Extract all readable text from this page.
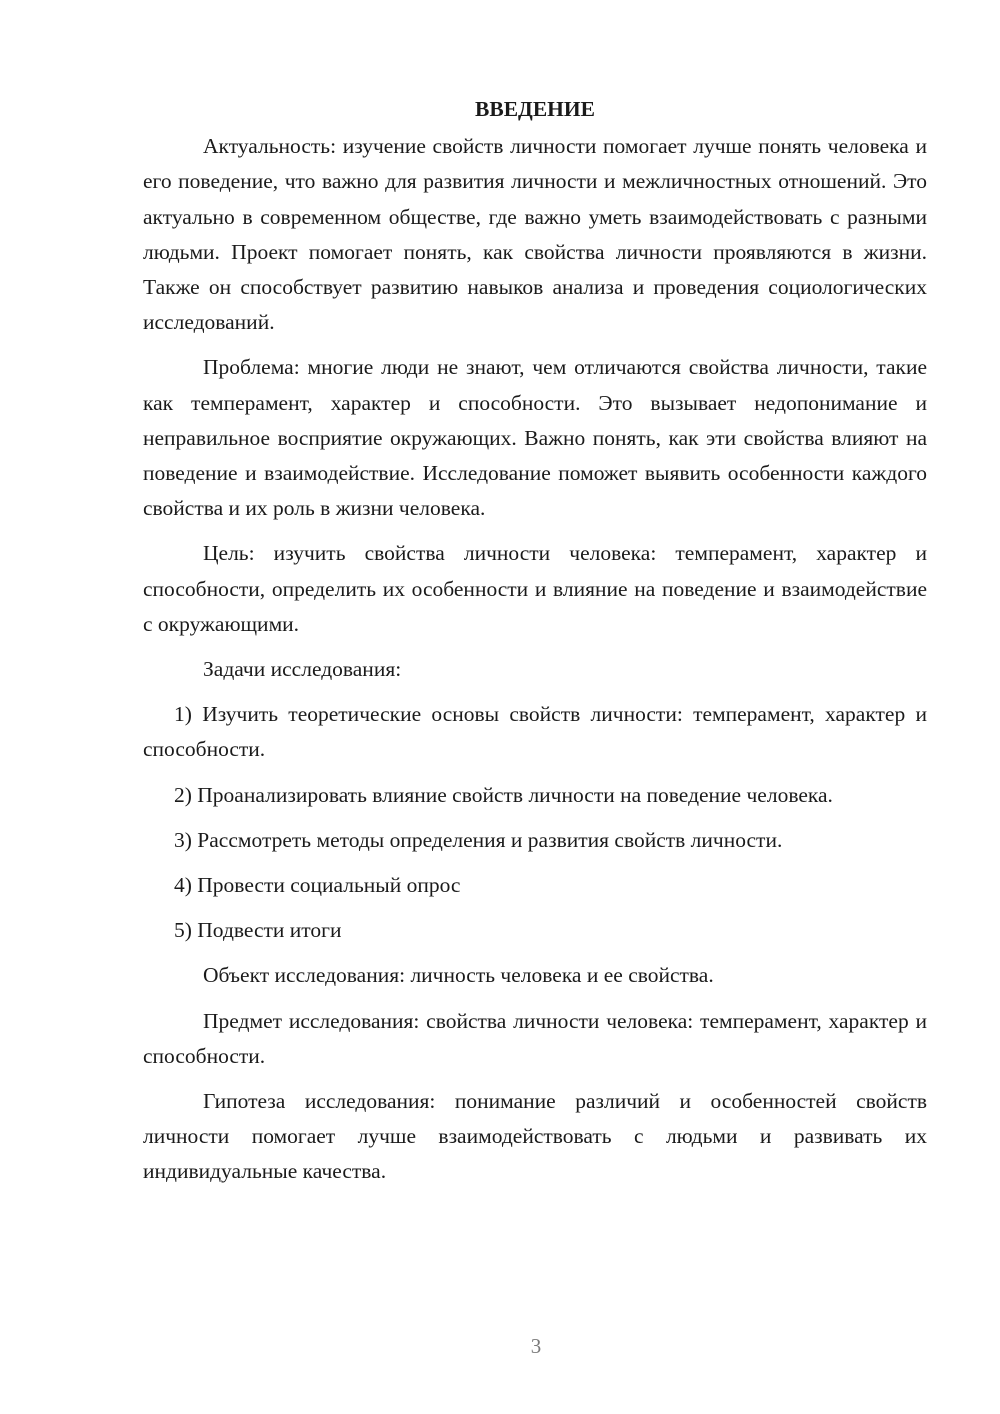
ВВЕДЕНИЕ

Актуальность: изучение свойств личности помогает лучше понять человека и его поведение, что важно для развития личности и межличностных отношений. Это актуально в современном обществе, где важно уметь взаимодействовать с разными людьми. Проект помогает понять, как свойства личности проявляются в жизни. Также он способствует развитию навыков анализа и проведения социологических исследований.

Проблема: многие люди не знают, чем отличаются свойства личности, такие как темперамент, характер и способности. Это вызывает недопонимание и неправильное восприятие окружающих. Важно понять, как эти свойства влияют на поведение и взаимодействие. Исследование поможет выявить особенности каждого свойства и их роль в жизни человека.

Цель: изучить свойства личности человека: темперамент, характер и способности, определить их особенности и влияние на поведение и взаимодействие с окружающими.

Задачи исследования:

1) Изучить теоретические основы свойств личности: темперамент, характер и способности.

2) Проанализировать влияние свойств личности на поведение человека.

3) Рассмотреть методы определения и развития свойств личности.

4) Провести социальный опрос

5) Подвести итоги

Объект исследования: личность человека и ее свойства.

Предмет исследования: свойства личности человека: темперамент, характер и способности.

Гипотеза исследования: понимание различий и особенностей свойств личности помогает лучше взаимодействовать с людьми и развивать их индивидуальные качества.

3
